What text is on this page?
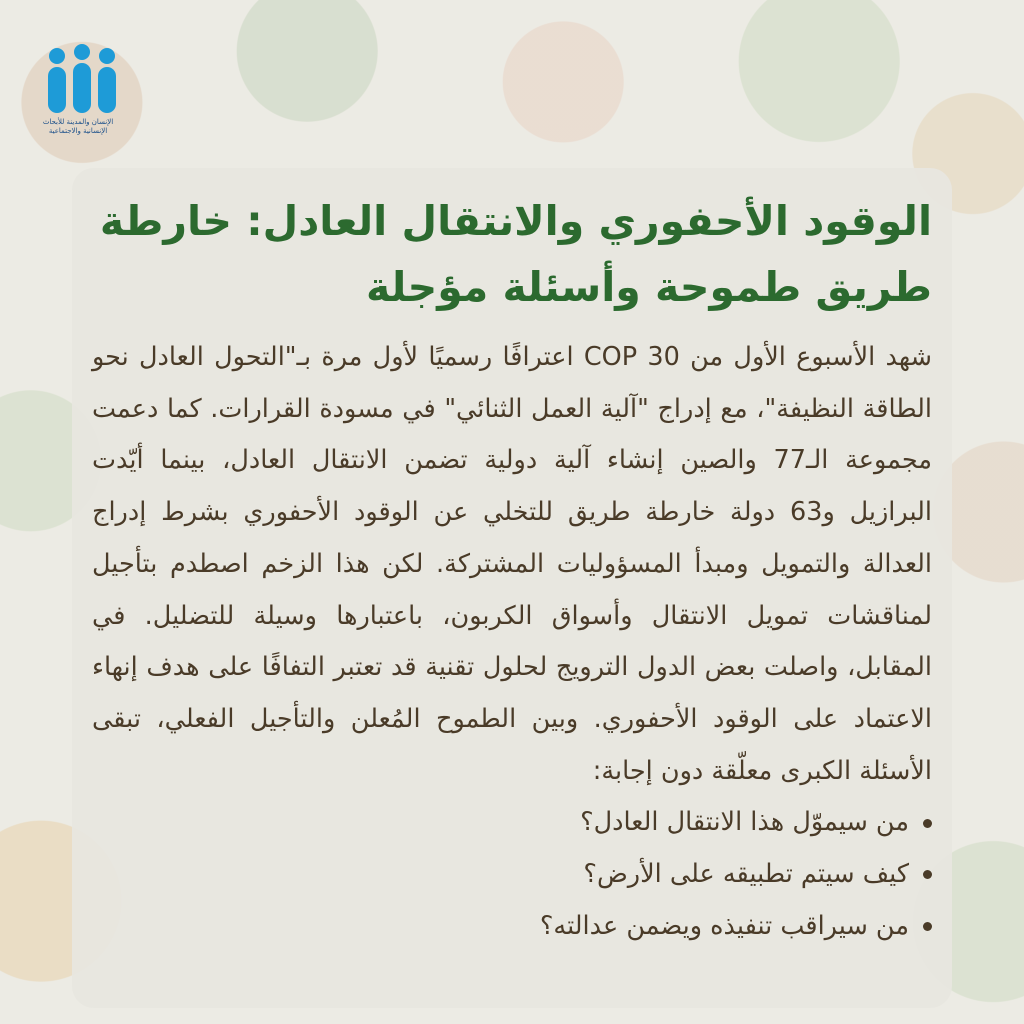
الإنسان والمدينة للأبحاث الإنسانية والاجتماعية
الوقود الأحفوري والانتقال العادل: خارطة طريق طموحة وأسئلة مؤجلة

شهد الأسبوع الأول من COP 30 اعترافًا رسميًا لأول مرة بـ"التحول العادل نحو الطاقة النظيفة"، مع إدراج "آلية العمل الثنائي" في مسودة القرارات. كما دعمت مجموعة الـ77 والصين إنشاء آلية دولية تضمن الانتقال العادل، بينما أيّدت البرازيل و63 دولة خارطة طريق للتخلي عن الوقود الأحفوري بشرط إدراج العدالة والتمويل ومبدأ المسؤوليات المشتركة. لكن هذا الزخم اصطدم بتأجيل لمناقشات تمويل الانتقال وأسواق الكربون، باعتبارها وسيلة للتضليل. في المقابل، واصلت بعض الدول الترويج لحلول تقنية قد تعتبر التفافًا على هدف إنهاء الاعتماد على الوقود الأحفوري. وبين الطموح المُعلن والتأجيل الفعلي، تبقى الأسئلة الكبرى معلّقة دون إجابة:

من سيموّل هذا الانتقال العادل؟
كيف سيتم تطبيقه على الأرض؟
من سيراقب تنفيذه ويضمن عدالته؟
